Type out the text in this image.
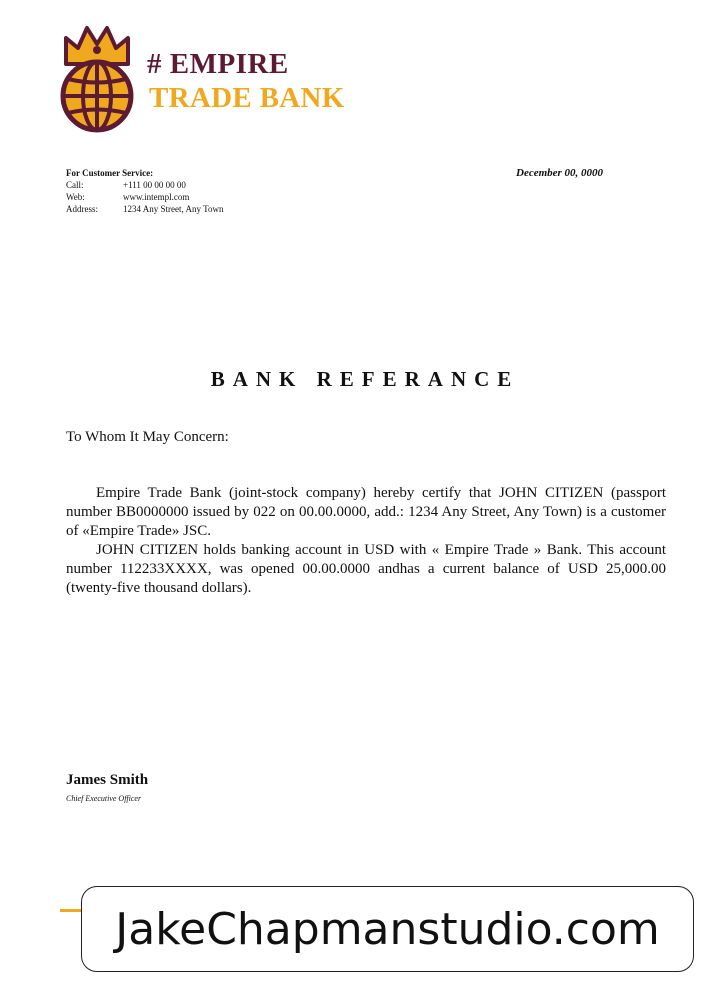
# EMPIRE
TRADE BANK
For Customer Service:
Call:	+111 00 00 00 00
Web:	www.intempl.com
Address:	1234 Any Street, Any Town
December 00, 0000
BANK REFERANCE
To Whom It May Concern:

Empire Trade Bank (joint-stock company) hereby certify that JOHN CITIZEN (passport number BB0000000 issued by 022 on 00.00.0000, add.: 1234 Any Street, Any Town) is a customer of «Empire Trade» JSC.

JOHN CITIZEN holds banking account in USD with « Empire Trade » Bank. This account number 112233XXXX, was opened 00.00.0000 andhas a current balance of USD 25,000.00 (twenty-five thousand dollars).

James Smith
Chief Executive Officer
JakeChapmanstudio.com
